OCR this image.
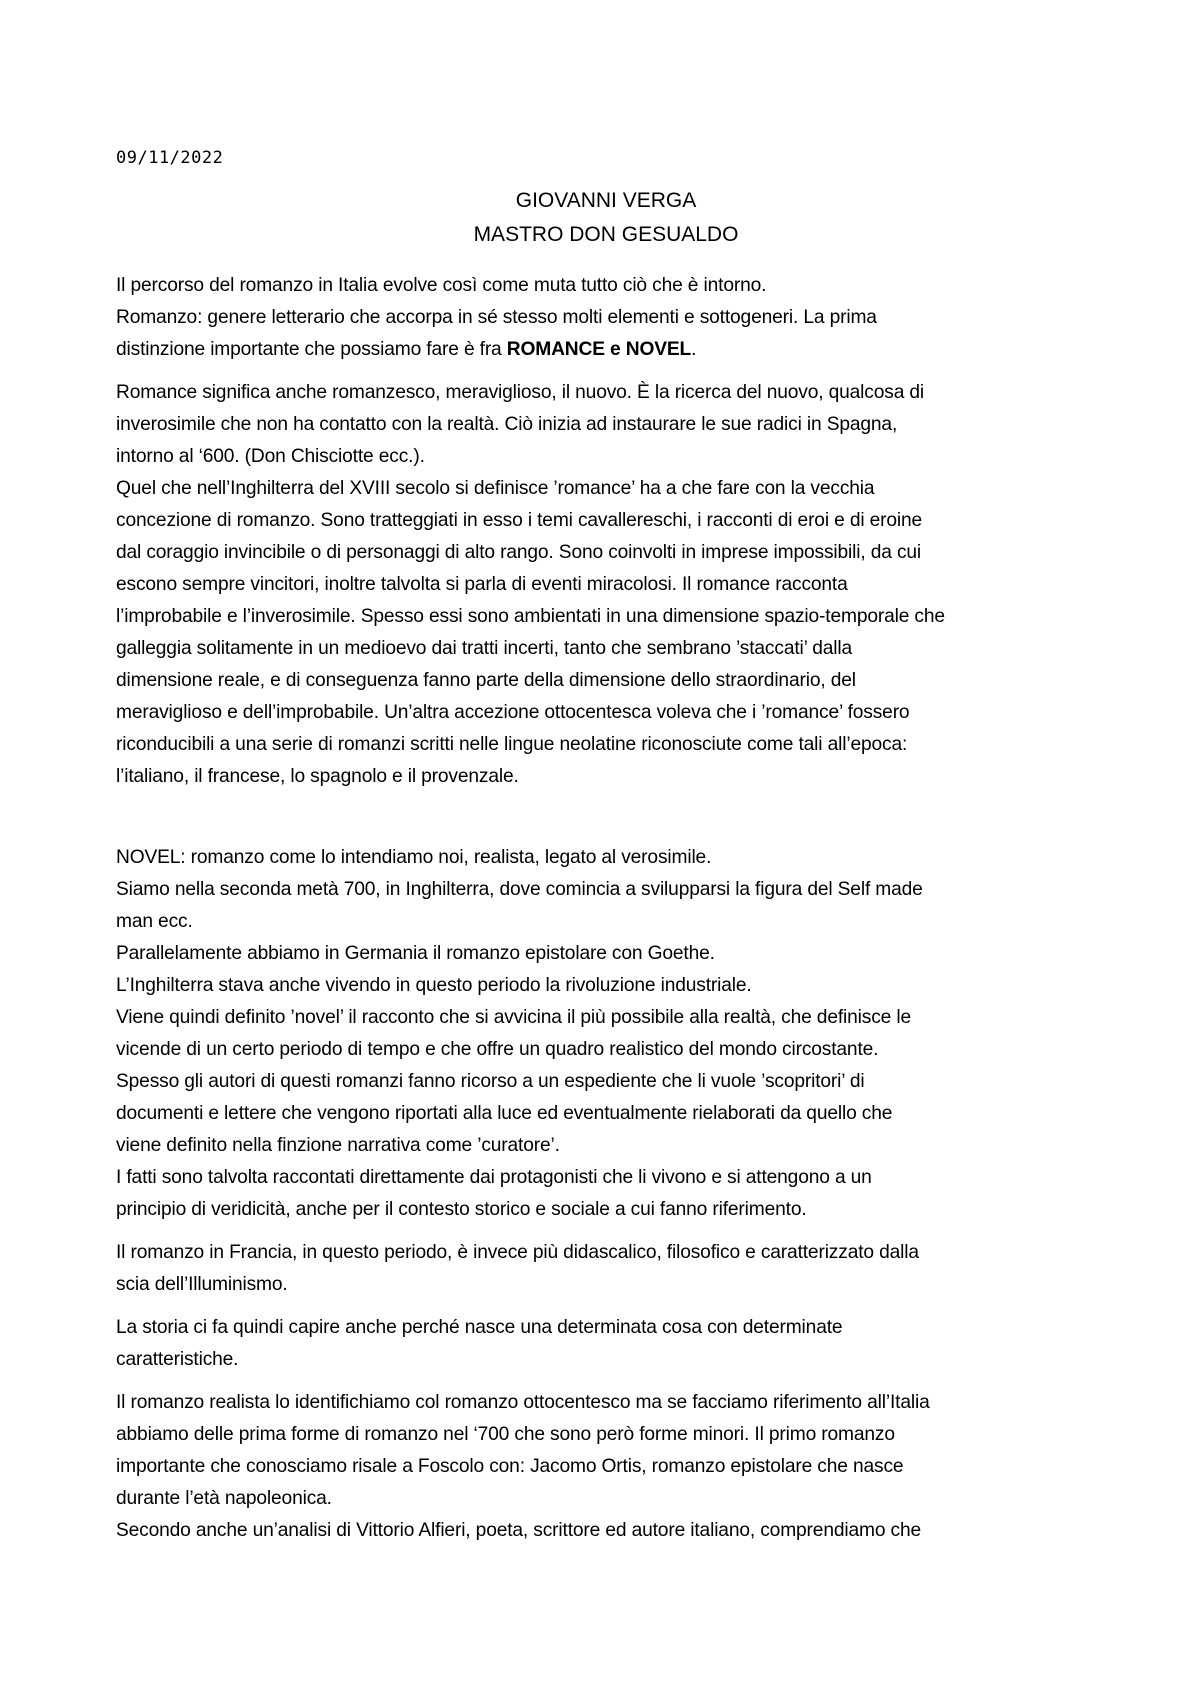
09/11/2022
GIOVANNI VERGA
MASTRO DON GESUALDO
Il percorso del romanzo in Italia evolve così come muta tutto ciò che è intorno.
Romanzo: genere letterario che accorpa in sé stesso molti elementi e sottogeneri. La prima
distinzione importante che possiamo fare è fra ROMANCE e NOVEL.
Romance significa anche romanzesco, meraviglioso, il nuovo. È la ricerca del nuovo, qualcosa di
inverosimile che non ha contatto con la realtà. Ciò inizia ad instaurare le sue radici in Spagna,
intorno al ‘600. (Don Chisciotte ecc.).
Quel che nell’Inghilterra del XVIII secolo si definisce ’romance’ ha a che fare con la vecchia
concezione di romanzo. Sono tratteggiati in esso i temi cavallereschi, i racconti di eroi e di eroine
dal coraggio invincibile o di personaggi di alto rango. Sono coinvolti in imprese impossibili, da cui
escono sempre vincitori, inoltre talvolta si parla di eventi miracolosi. Il romance racconta
l’improbabile e l’inverosimile. Spesso essi sono ambientati in una dimensione spazio-temporale che
galleggia solitamente in un medioevo dai tratti incerti, tanto che sembrano ’staccati’ dalla
dimensione reale, e di conseguenza fanno parte della dimensione dello straordinario, del
meraviglioso e dell’improbabile. Un’altra accezione ottocentesca voleva che i ’romance’ fossero
riconducibili a una serie di romanzi scritti nelle lingue neolatine riconosciute come tali all’epoca:
l’italiano, il francese, lo spagnolo e il provenzale.
NOVEL: romanzo come lo intendiamo noi, realista, legato al verosimile.
Siamo nella seconda metà 700, in Inghilterra, dove comincia a svilupparsi la figura del Self made
man ecc.
Parallelamente abbiamo in Germania il romanzo epistolare con Goethe.
L’Inghilterra stava anche vivendo in questo periodo la rivoluzione industriale.
Viene quindi definito ’novel’ il racconto che si avvicina il più possibile alla realtà, che definisce le
vicende di un certo periodo di tempo e che offre un quadro realistico del mondo circostante.
Spesso gli autori di questi romanzi fanno ricorso a un espediente che li vuole ’scopritori’ di
documenti e lettere che vengono riportati alla luce ed eventualmente rielaborati da quello che
viene definito nella finzione narrativa come ’curatore’.
I fatti sono talvolta raccontati direttamente dai protagonisti che li vivono e si attengono a un
principio di veridicità, anche per il contesto storico e sociale a cui fanno riferimento.
Il romanzo in Francia, in questo periodo, è invece più didascalico, filosofico e caratterizzato dalla
scia dell’Illuminismo.
La storia ci fa quindi capire anche perché nasce una determinata cosa con determinate
caratteristiche.
Il romanzo realista lo identifichiamo col romanzo ottocentesco ma se facciamo riferimento all’Italia
abbiamo delle prima forme di romanzo nel ‘700 che sono però forme minori. Il primo romanzo
importante che conosciamo risale a Foscolo con: Jacomo Ortis, romanzo epistolare che nasce
durante l’età napoleonica.
Secondo anche un’analisi di Vittorio Alfieri, poeta, scrittore ed autore italiano, comprendiamo che
